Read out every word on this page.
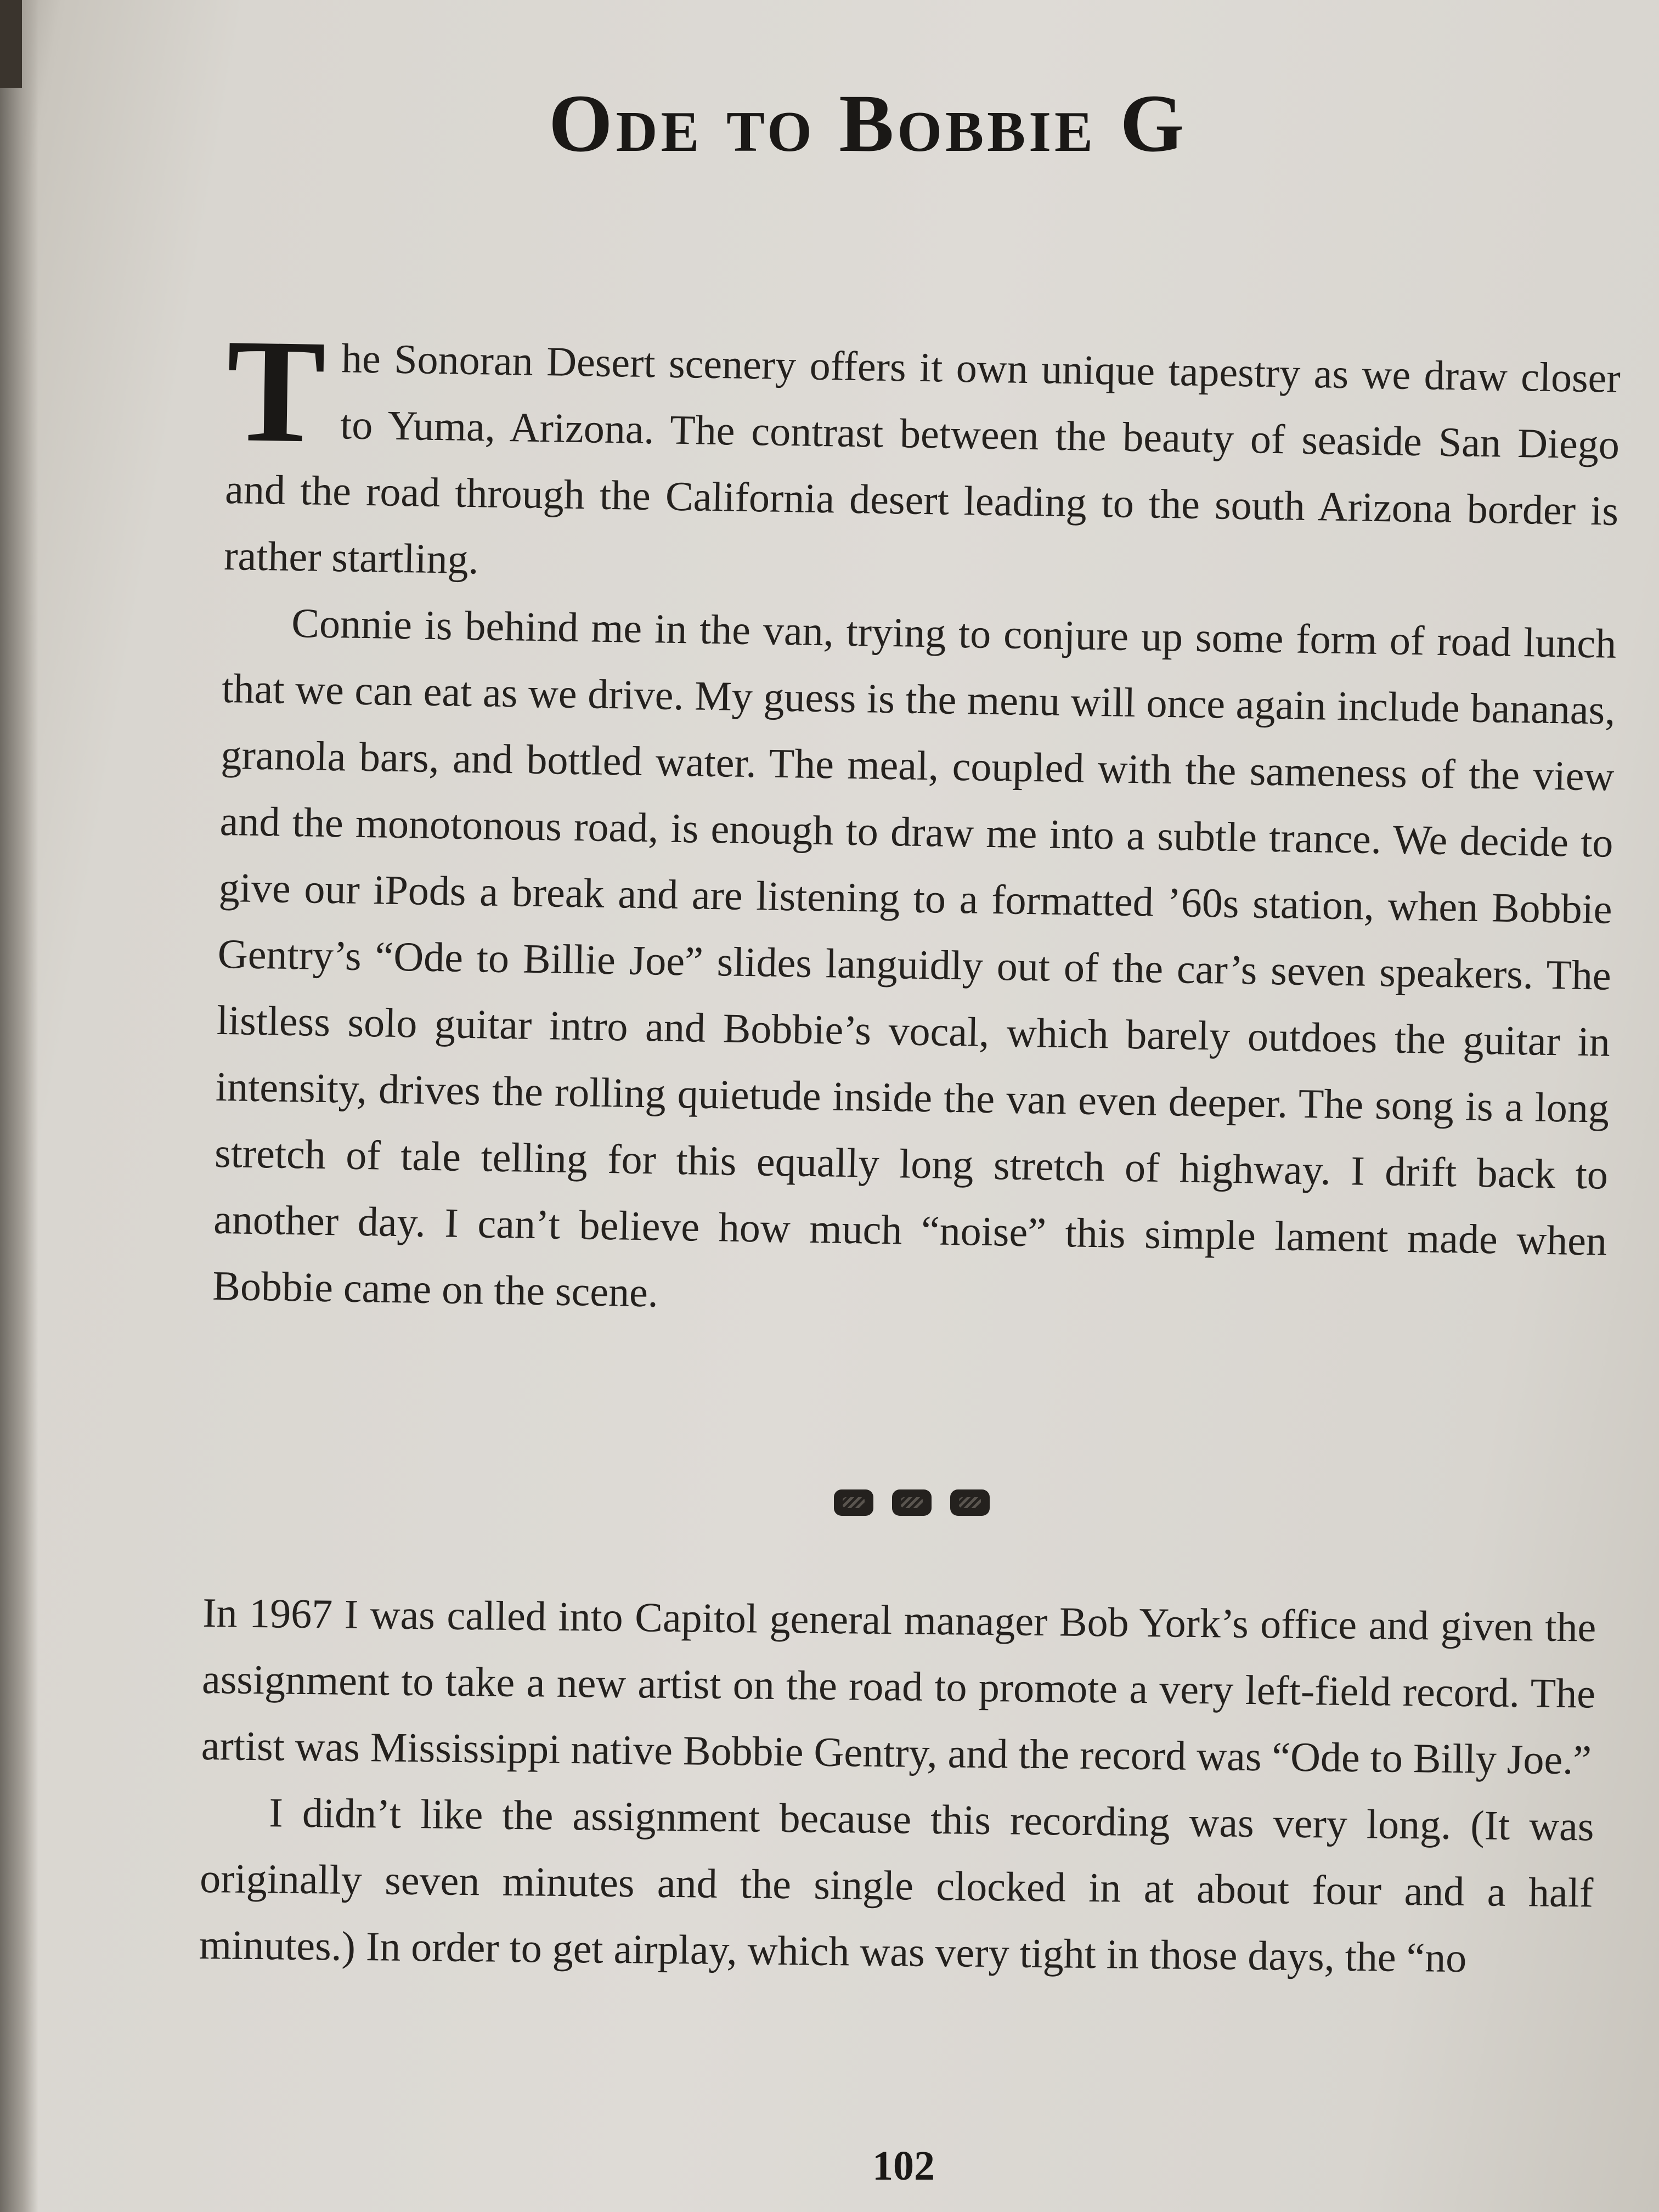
Ode to Bobbie G

The Sonoran Desert scenery offers it own unique tapestry as we draw closer to Yuma, Arizona. The contrast between the beauty of seaside San Diego and the road through the California desert leading to the south Arizona border is rather startling.

Connie is behind me in the van, trying to conjure up some form of road lunch that we can eat as we drive. My guess is the menu will once again include bananas, granola bars, and bottled water. The meal, coupled with the sameness of the view and the monotonous road, is enough to draw me into a subtle trance. We decide to give our iPods a break and are listening to a formatted ’60s station, when Bobbie Gentry’s “Ode to Billie Joe” slides languidly out of the car’s seven speakers. The listless solo guitar intro and Bobbie’s vocal, which barely outdoes the guitar in intensity, drives the rolling quietude inside the van even deeper. The song is a long stretch of tale telling for this equally long stretch of highway. I drift back to another day. I can’t believe how much “noise” this simple lament made when Bobbie came on the scene.

In 1967 I was called into Capitol general manager Bob York’s office and given the assignment to take a new artist on the road to promote a very left-field record. The artist was Mississippi native Bobbie Gentry, and the record was “Ode to Billy Joe.”

I didn’t like the assignment because this recording was very long. (It was originally seven minutes and the single clocked in at about four and a half minutes.) In order to get airplay, which was very tight in those days, the “no

102
